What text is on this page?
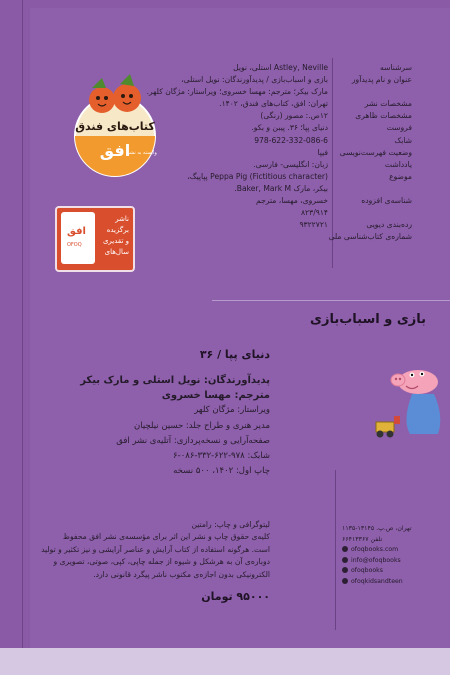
کتاب‌های فندق
افق
وابسته به نشر
افق
OFOQ
ناشر
برگزیده
و تقدیری
سال‌های
سرشناسه
عنوان و نام پدیدآور
مشخصات نشر
مشخصات ظاهری
فروست
شابک
وضعیت فهرست‌نویسی
یادداشت
موضوع
شناسه‌ی افزوده
رده‌بندی دیویی
شماره‌ی کتاب‌شناسی ملی
Astley, Neville استلی، نویل
بازی و اسباب‌بازی / پدیدآورندگان: نویل استلی،
مارک بیکر؛ مترجم: مهسا خسروی؛ ویراستار: مژگان کلهر.
تهران: افق، کتاب‌های فندق، ۱۴۰۲.
۱۲ص.: مصور (رنگی)
دنیای پپا؛ ۳۶. پیبن و بکو.
978-622-332-086-6
فیپا
زبان: انگلیسی- فارسی.
Peppa Pig (Fictitious character) پپاپیگ،
بیکر، مارک Baker, Mark M.
خسروی، مهسا، مترجم
۸۲۳/۹۱۴
۹۳۲۲۷۲۱
بازی و اسباب‌بازی
دنیای پپا / ۳۶
پدیدآورندگان: نویل استلی و مارک بیکر
مترجم: مهسا خسروی
ویراستار: مژگان کلهر
مدیر هنری و طراح جلد: حسین نیلچیان
صفحه‌آرایی و نسخه‌پردازی: آتلیه‌ی نشر افق
شابک: ۹۷۸-۶۲۲-۳۳۲-۰۸۶-۶
چاپ اول: ۱۴۰۲، ۵۰۰ نسخه
لیتوگرافی و چاپ: رامتین
کلیه‌ی حقوق چاپ و نشر این اثر برای مؤسسه‌ی نشر افق محفوظ
است. هرگونه استفاده از کتاب آرایش و عناصر آرایشی و نیز تکثیر و تولید
دوباره‌ی آن به هرشکل و شیوه از جمله چاپی، کپی، صوتی، تصویری و
الکترونیکی بدون اجازه‌ی مکتوب ناشر پیگرد قانونی دارد.
۹۵۰۰۰ تومان
تهران، ص.پ. ۱۳۱۴۵-۱۱۳۵
تلفن ۶۶۴۱۳۳۶۷
ofoqbooks.com
info@ofoqbooks
ofoqbooks
ofoqkidsandteen
